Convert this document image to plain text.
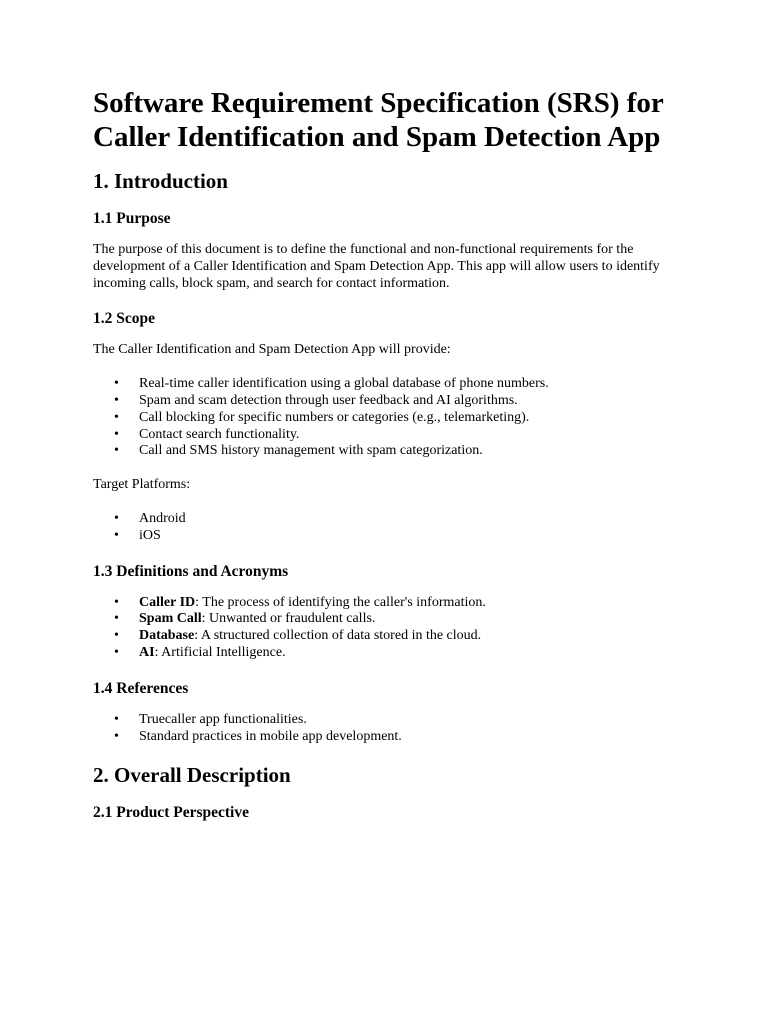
Software Requirement Specification (SRS) for Caller Identification and Spam Detection App
1. Introduction
1.1 Purpose

The purpose of this document is to define the functional and non-functional requirements for the development of a Caller Identification and Spam Detection App. This app will allow users to identify incoming calls, block spam, and search for contact information.

1.2 Scope

The Caller Identification and Spam Detection App will provide:

• Real-time caller identification using a global database of phone numbers.
• Spam and scam detection through user feedback and AI algorithms.
• Call blocking for specific numbers or categories (e.g., telemarketing).
• Contact search functionality.
• Call and SMS history management with spam categorization.

Target Platforms:

• Android
• iOS
1.3 Definitions and Acronyms
• Caller ID: The process of identifying the caller's information.
• Spam Call: Unwanted or fraudulent calls.
• Database: A structured collection of data stored in the cloud.
• AI: Artificial Intelligence.
1.4 References
• Truecaller app functionalities.
• Standard practices in mobile app development.
2. Overall Description
2.1 Product Perspective
